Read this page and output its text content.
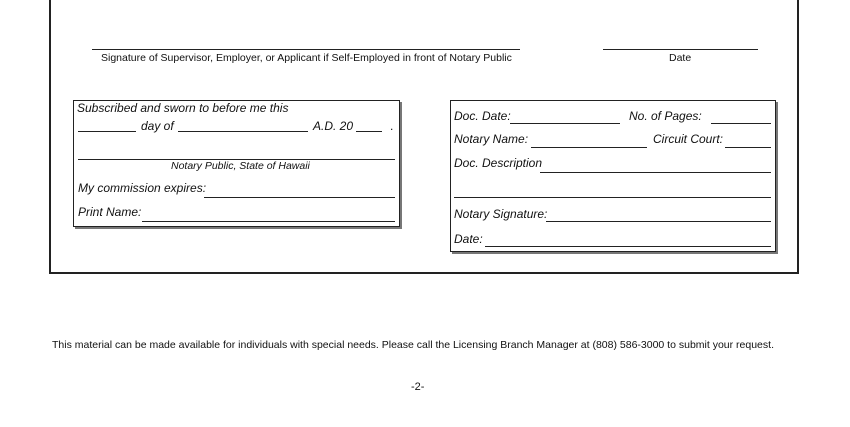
Signature of Supervisor, Employer, or Applicant if Self-Employed in front of Notary Public	Date
Subscribed and sworn to before me this
day of	A.D. 20	.
Notary Public, State of Hawaii
My commission expires:
Print Name:
Doc. Date:	No. of Pages:
Notary Name:	Circuit Court:
Doc. Description
Notary Signature:
Date:
This material can be made available for individuals with special needs. Please call the Licensing Branch Manager at (808) 586-3000 to submit your request.
-2-
